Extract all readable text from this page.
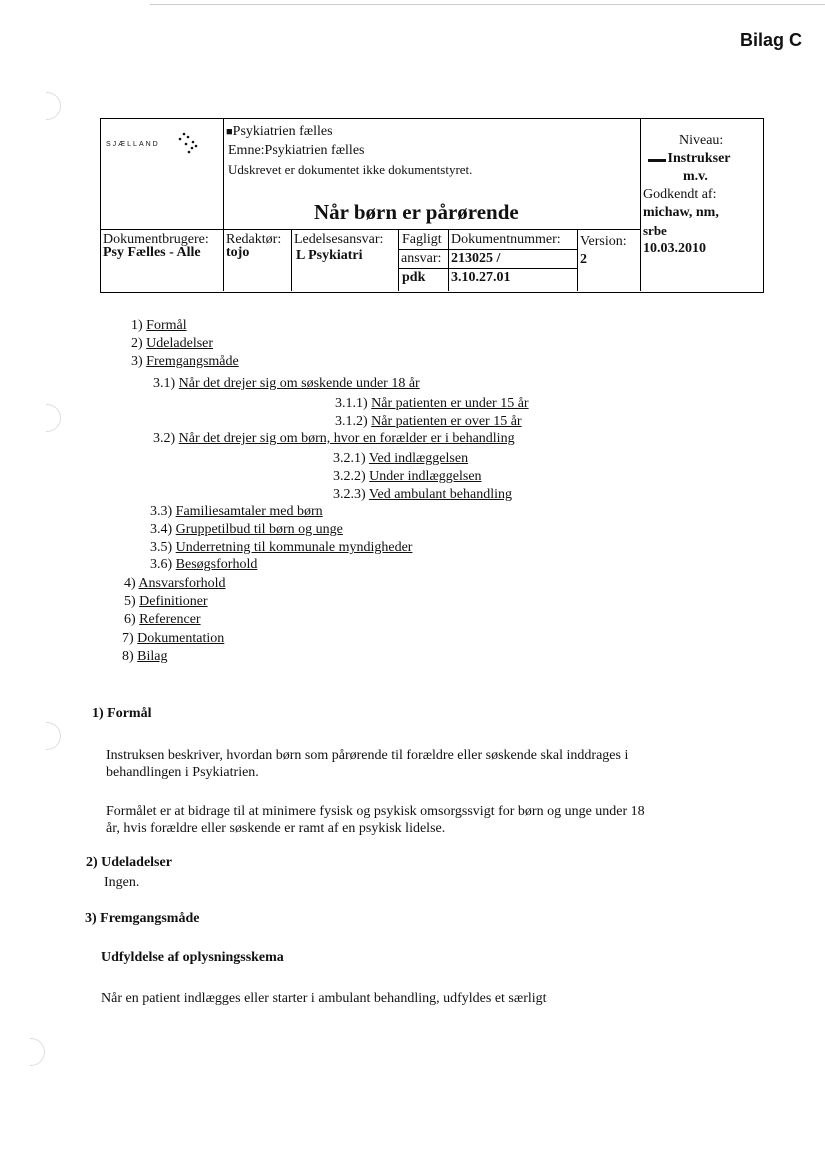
Bilag C
SJÆLLAND
■Psykiatrien fælles
Emne:Psykiatrien fælles
Udskrevet er dokumentet ikke dokumentstyret.
Når børn er pårørende
Niveau:
▬▬ Instrukser
m.v.
Godkendt af:
michaw, nm,
srbe
10.03.2010
Dokumentbrugere:
Psy Fælles - Alle
Redaktør:
tojo
Ledelsesansvar:
L Psykiatri
Fagligt
ansvar:
pdk
Dokumentnummer:
213025 /
3.10.27.01
Version:
2
1) Formål
2) Udeladelser
3) Fremgangsmåde
3.1) Når det drejer sig om søskende under 18 år
3.1.1) Når patienten er under 15 år
3.1.2) Når patienten er over 15 år
3.2) Når det drejer sig om børn, hvor en forælder er i behandling
3.2.1) Ved indlæggelsen
3.2.2) Under indlæggelsen
3.2.3) Ved ambulant behandling
3.3) Familiesamtaler med børn
3.4) Gruppetilbud til børn og unge
3.5) Underretning til kommunale myndigheder
3.6) Besøgsforhold
4) Ansvarsforhold
5) Definitioner
6) Referencer
7) Dokumentation
8) Bilag
1) Formål
Instruksen beskriver, hvordan børn som pårørende til forældre eller søskende skal inddrages i
behandlingen i Psykiatrien.
Formålet er at bidrage til at minimere fysisk og psykisk omsorgssvigt for børn og unge under 18
år, hvis forældre eller søskende er ramt af en psykisk lidelse.
2) Udeladelser
Ingen.
3) Fremgangsmåde
Udfyldelse af oplysningsskema
Når en patient indlægges eller starter i ambulant behandling, udfyldes et særligt
